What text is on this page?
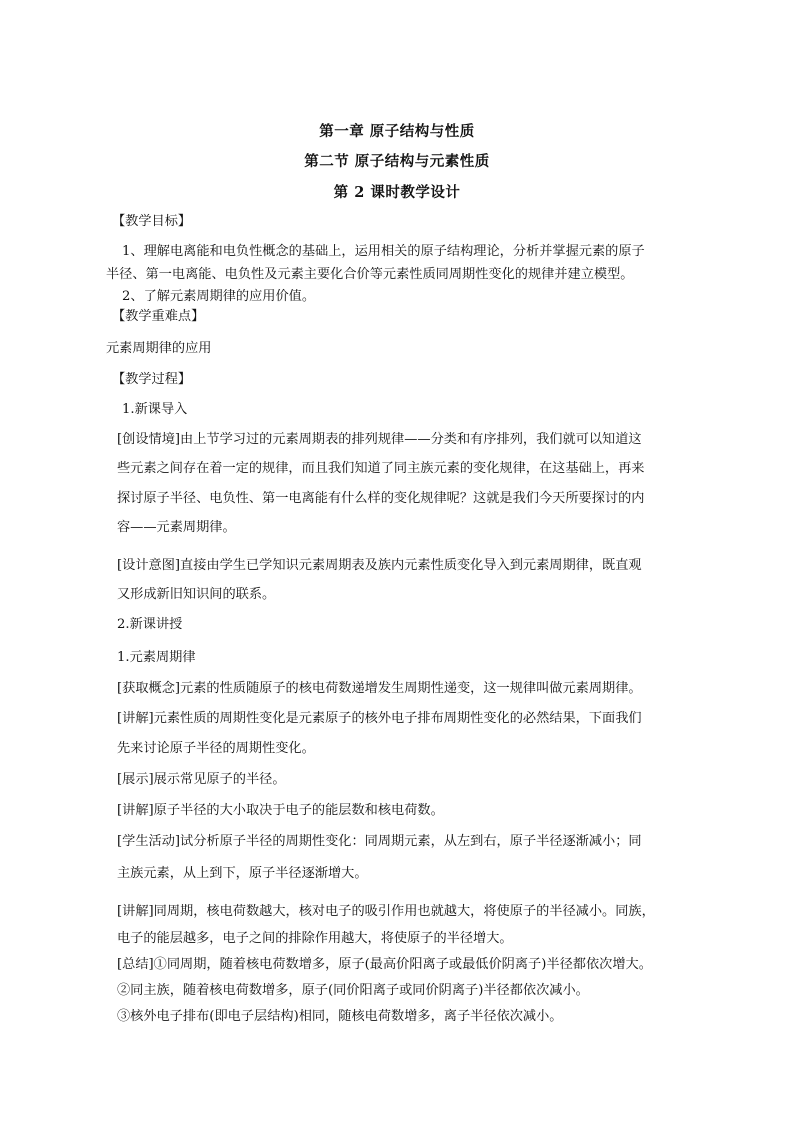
第一章 原子结构与性质
第二节 原子结构与元素性质
第 2 课时教学设计

【教学目标】

1、理解电离能和电负性概念的基础上，运用相关的原子结构理论，分析并掌握元素的原子

半径、第一电离能、电负性及元素主要化合价等元素性质同周期性变化的规律并建立模型。

2、了解元素周期律的应用价值。

【教学重难点】

元素周期律的应用

【教学过程】

1.新课导入

[创设情境]由上节学习过的元素周期表的排列规律——分类和有序排列，我们就可以知道这

些元素之间存在着一定的规律，而且我们知道了同主族元素的变化规律，在这基础上，再来

探讨原子半径、电负性、第一电离能有什么样的变化规律呢？这就是我们今天所要探讨的内

容——元素周期律。

[设计意图]直接由学生已学知识元素周期表及族内元素性质变化导入到元素周期律，既直观

又形成新旧知识间的联系。

2.新课讲授

1.元素周期律

[获取概念]元素的性质随原子的核电荷数递增发生周期性递变，这一规律叫做元素周期律。

[讲解]元素性质的周期性变化是元素原子的核外电子排布周期性变化的必然结果，下面我们

先来讨论原子半径的周期性变化。

[展示]展示常见原子的半径。

[讲解]原子半径的大小取决于电子的能层数和核电荷数。

[学生活动]试分析原子半径的周期性变化：同周期元素，从左到右，原子半径逐渐减小；同

主族元素，从上到下，原子半径逐渐增大。

[讲解]同周期，核电荷数越大，核对电子的吸引作用也就越大，将使原子的半径减小。同族，

电子的能层越多，电子之间的排除作用越大，将使原子的半径增大。

[总结]①同周期，随着核电荷数增多，原子(最高价阳离子或最低价阴离子)半径都依次增大。

②同主族，随着核电荷数增多，原子(同价阳离子或同价阴离子)半径都依次减小。

③核外电子排布(即电子层结构)相同，随核电荷数增多，离子半径依次减小。
